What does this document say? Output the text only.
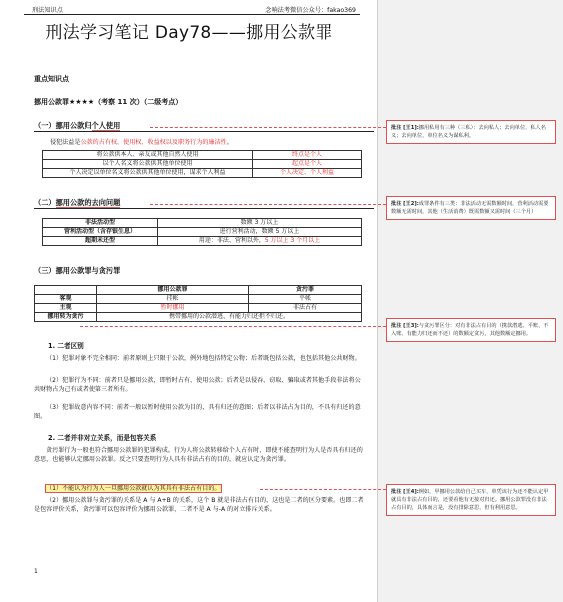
刑法知识点	念响法考微信公众号：fakao369
刑法学习笔记 Day78——挪用公款罪
重点知识点
挪用公款罪★★★★（考察 11 次）（二级考点）
（一）挪用公款归个人使用
侵犯法益是公款的占有权、使用权、收益权以及职务行为的廉洁性。
将公款供本人、亲友或其他自然人使用	终点是个人
以个人名义将公款供其他单位使用	起点是个人
个人决定以单位名义将公款供其他单位使用，谋求个人利益	个人决定、个人利益
（二）挪用公款的去向问题
非法活动型	数额 3 万以上
营利活动型（含存银生息）	进行营利活动，数额 5 万以上
超期未还型	用途：非法、营利以外，5 万以上 3 个月以上
（三）挪用公款罪与贪污罪
	挪用公款罪	贪污罪
客观	挂帐	平帐
主观	暂时挪用	非法占有
挪用转为贪污	携带挪用的公款潜逃、有能力归还拒不归还。	
1. 二者区别
（1）犯罪对象不完全相同：前者原则上只限于公款，例外地包括特定公物；后者既包括公款，也包括其他公共财物。
（2）犯罪行为不同：前者只是挪用公款，即暂时占有、使用公款；后者是以侵吞、窃取、骗取或者其他手段非法将公共财物占为己有或者使第三者所有。
（3）犯罪故意内容不同：前者一般以暂时使用公款为目的，具有归还的意图；后者以非法占为目的，不具有归还的意图。
2. 二者并非对立关系，而是包容关系
贪污罪行为一般也符合挪用公款罪的犯罪构成。行为人将公款转移给个人占有时，即使不能查明行为人是否具有归还的意思，也能够认定挪用公款罪。反之只要查明行为人具有非法占有的目的，就应认定为贪污罪。
（1）不能认为行为人一旦挪用公款就认为其具有非法占有目的。
（2）挪用公款罪与贪污罪的关系是 A 与 A+B 的关系，这个 B 就是非法占有目的，这也是二者的区分要素。也即二者是包容评价关系，贪污罪可以包容评价为挪用公款罪，二者不是 A 与-A 的对立排斥关系。
1
批注 [王1]:挪用私用有三种（三私）：去向私人；去向单位、私人名义；去向单位、单位名义为谋私利。
批注 [王2]:成罪条件有三类：非法活动无需数额时间，营利活动需要数额无需时间，其他（生活消费）既需数额又需时间（三个月）
批注 [王3]:与贪污罪区分：对有非法占有目的（携款潜逃、平账、不入账、有能力归还而不还）的数额定贪污，其他数额定挪用。
批注 [王4]:例如，甲挪用公款给自己买车，单凭该行为还不能认定甲就具有非法占有目的，还要看他有无接对归还。挪用公款罪没有非法占有目的，具体而言是，没有排除意思，但有利用意思。
